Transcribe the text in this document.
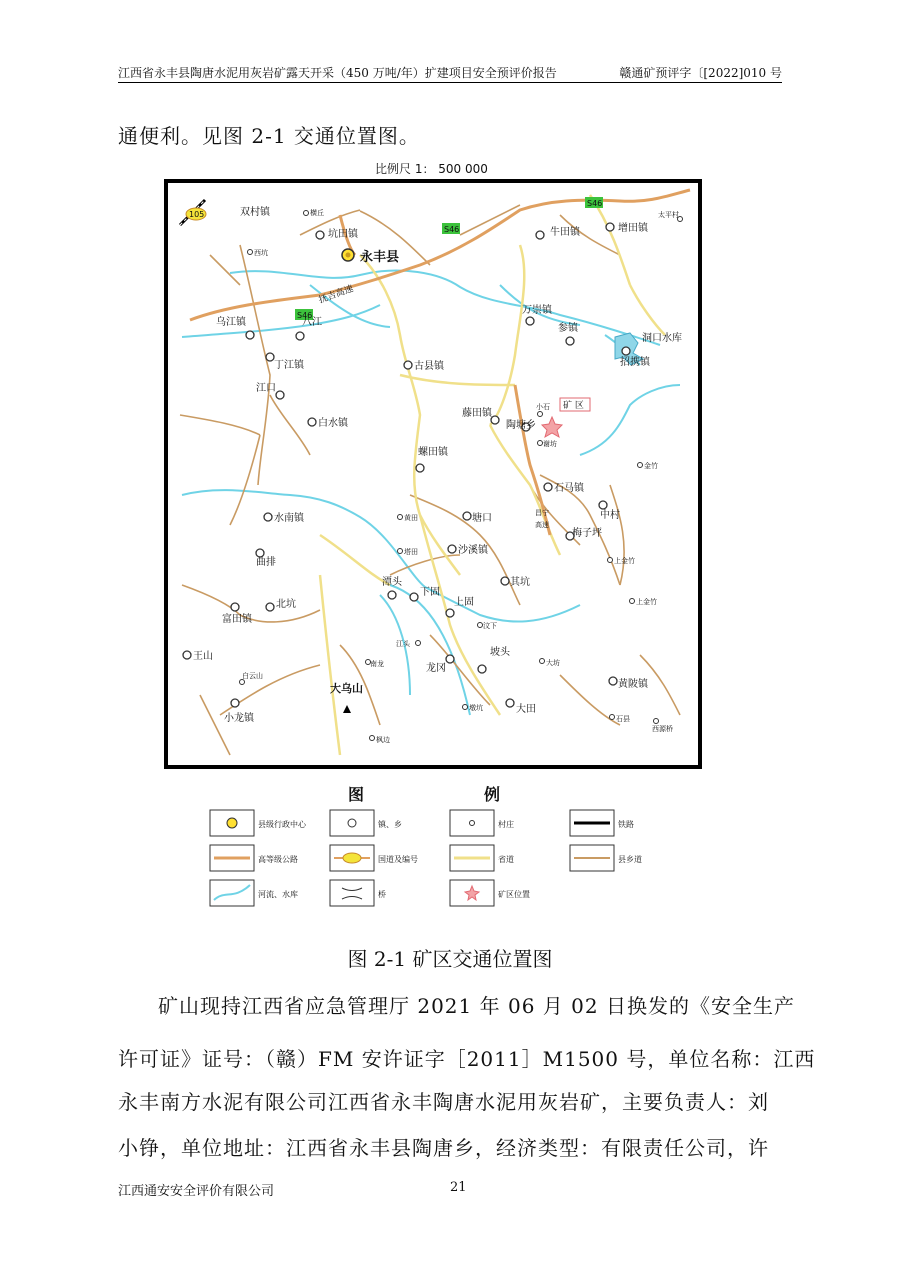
江西省永丰县陶唐水泥用灰岩矿露天开采（450 万吨/年）扩建项目安全预评价报告	赣通矿预评字〔[2022]010 号
通便利。见图 2-1 交通位置图。
比例尺 1： 500 000
105
S46
S46
S46
抚吉高速
永丰县
矿 区
坑田镇	牛田镇	增田镇
万崇镇
参镇
招携镇
洞口水库
乌江镇	八江
丁江镇
江口
白水镇
古县镇
藤田镇
陶塘乡
螺田镇
石马镇
中村
梅子坪
塘口
水南镇
曲排
沙溪镇
其坑
潭头
下固
上固
龙冈
坡头
大田
黄陂镇
富田镇
北坑
王山
小龙镇
双村镇	横丘
西坑
太平村
小石
谢坊
金竹
黄田
塔田
上金竹
上金竹
江头
白云山
汶下
墩坑
大坊
石县
西源桥
枫边
南龙
昌宁
高速
大乌山
图	例
县级行政中心	镇、乡	村庄	铁路
高等级公路	国道及编号	省道	县乡道
河流、水库	桥	矿区位置
图 2-1 矿区交通位置图
矿山现持江西省应急管理厅 2021 年 06 月 02 日换发的《安全生产
许可证》证号：（赣）FM 安许证字［2011］M1500 号，单位名称：江西
永丰南方水泥有限公司江西省永丰陶唐水泥用灰岩矿，主要负责人：刘
小铮，单位地址：江西省永丰县陶唐乡，经济类型：有限责任公司，许
江西通安安全评价有限公司	21
